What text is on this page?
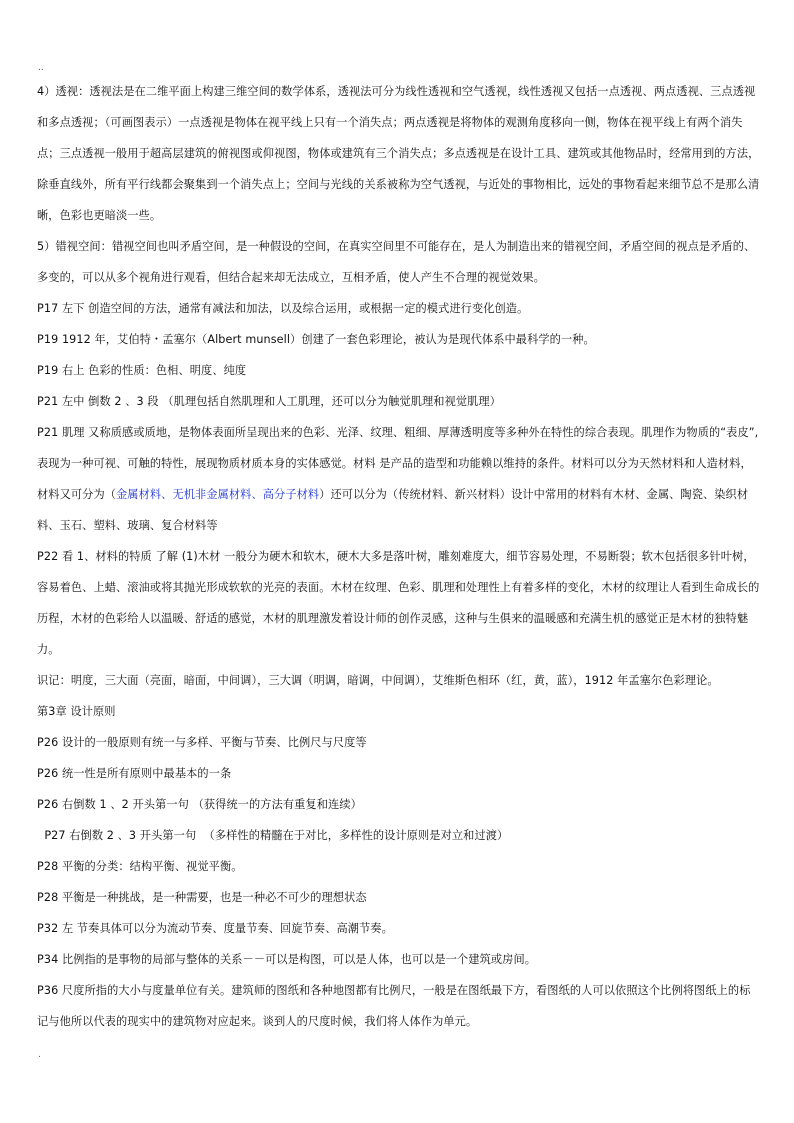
..

4）透视：透视法是在二维平面上构建三维空间的数学体系，透视法可分为线性透视和空气透视，线性透视又包括一点透视、两点透视、三点透视和多点透视；（可画图表示）一点透视是物体在视平线上只有一个消失点；两点透视是将物体的观测角度移向一侧，物体在视平线上有两个消失点；三点透视一般用于超高层建筑的俯视图或仰视图，物体或建筑有三个消失点；多点透视是在设计工具、建筑或其他物品时，经常用到的方法，除垂直线外，所有平行线都会聚集到一个消失点上；空间与光线的关系被称为空气透视，与近处的事物相比，远处的事物看起来细节总不是那么清晰，色彩也更暗淡一些。

5）错视空间：错视空间也叫矛盾空间，是一种假设的空间，在真实空间里不可能存在，是人为制造出来的错视空间，矛盾空间的视点是矛盾的、多变的，可以从多个视角进行观看，但结合起来却无法成立，互相矛盾，使人产生不合理的视觉效果。

P17 左下 创造空间的方法，通常有减法和加法，以及综合运用，或根据一定的模式进行变化创造。

P19 1912 年，艾伯特・孟塞尔（Albert munsell）创建了一套色彩理论，被认为是现代体系中最科学的一种。

P19 右上 色彩的性质：色相、明度、纯度

P21 左中 倒数 2 、3 段 （肌理包括自然肌理和人工肌理，还可以分为触觉肌理和视觉肌理）

P21 肌理 又称质感或质地，是物体表面所呈现出来的色彩、光泽、纹理、粗细、厚薄透明度等多种外在特性的综合表现。肌理作为物质的“表皮”,表现为一种可视、可触的特性，展现物质材质本身的实体感觉。材料 是产品的造型和功能赖以维持的条件。材料可以分为天然材料和人造材料，材料又可分为（金属材料、无机非金属材料、高分子材料）还可以分为（传统材料、新兴材料）设计中常用的材料有木材、金属、陶瓷、染织材料、玉石、塑料、玻璃、复合材料等

P22 看 1、材料的特质 了解 (1)木材 一般分为硬木和软木，硬木大多是落叶树，雕刻难度大，细节容易处理，不易断裂；软木包括很多针叶树，容易着色、上蜡、滚油或将其抛光形成软软的光亮的表面。木材在纹理、色彩、肌理和处理性上有着多样的变化，木材的纹理让人看到生命成长的历程，木材的色彩给人以温暖、舒适的感觉，木材的肌理激发着设计师的创作灵感，这种与生俱来的温暖感和充满生机的感觉正是木材的独特魅力。

识记：明度，三大面（亮面，暗面，中间调），三大调（明调，暗调，中间调），艾维斯色相环（红，黄，蓝），1912 年孟塞尔色彩理论。

第3章 设计原则

P26 设计的一般原则有统一与多样、平衡与节奏、比例尺与尺度等

P26 统一性是所有原则中最基本的一条

P26 右倒数 1 、2 开头第一句 （获得统一的方法有重复和连续）

P27 右倒数 2 、3 开头第一句  （多样性的精髓在于对比，多样性的设计原则是对立和过渡）

P28 平衡的分类：结构平衡、视觉平衡。

P28 平衡是一种挑战，是一种需要，也是一种必不可少的理想状态

P32 左 节奏具体可以分为流动节奏、度量节奏、回旋节奏、高潮节奏。

P34 比例指的是事物的局部与整体的关系－－可以是构图，可以是人体，也可以是一个建筑或房间。

P36 尺度所指的大小与度量单位有关。建筑师的图纸和各种地图都有比例尺，一般是在图纸最下方，看图纸的人可以依照这个比例将图纸上的标记与他所以代表的现实中的建筑物对应起来。谈到人的尺度时候，我们将人体作为单元。

.
